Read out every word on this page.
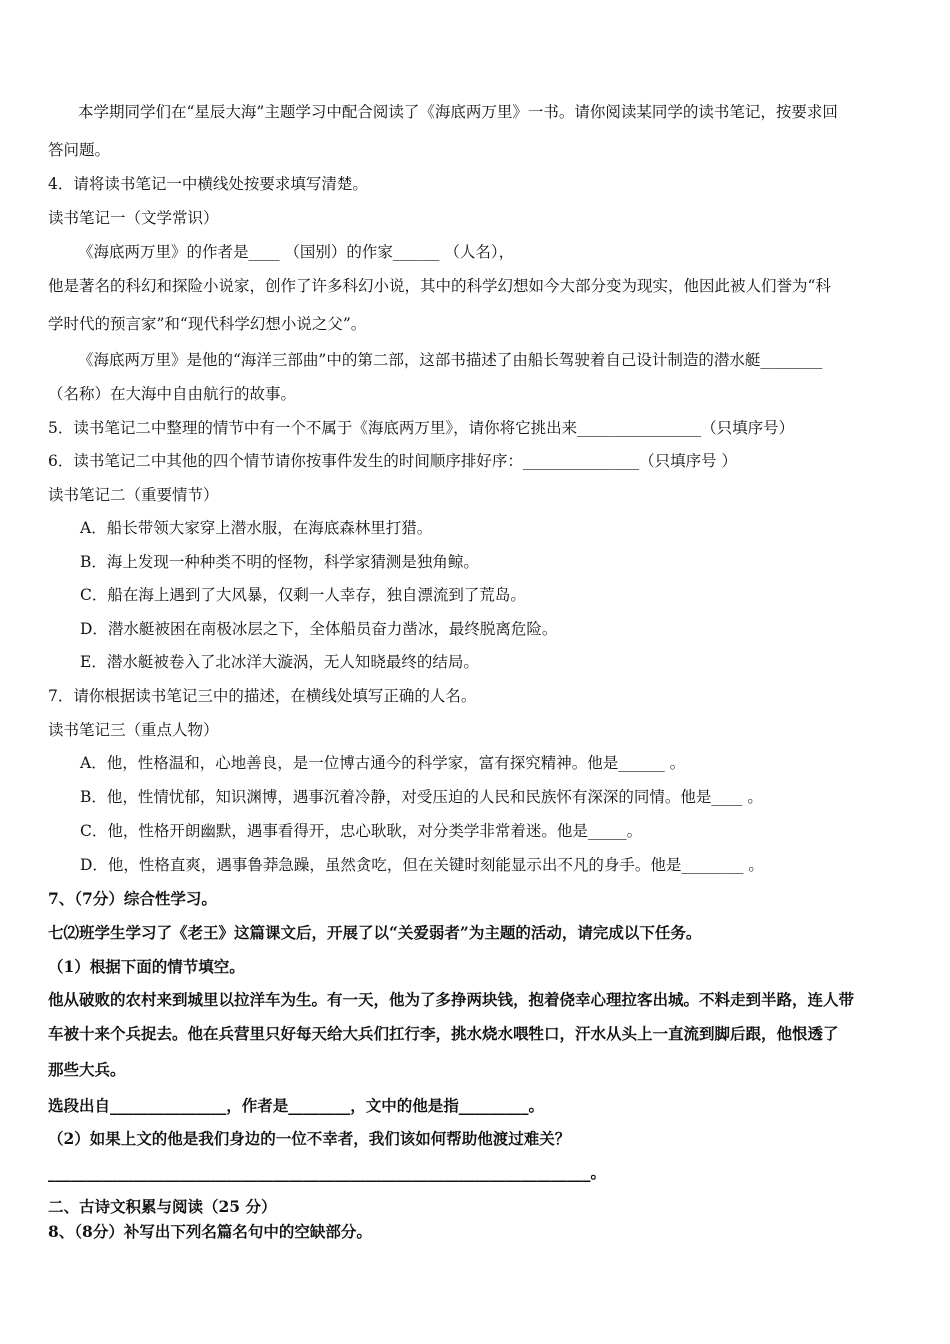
本学期同学们在“星辰大海”主题学习中配合阅读了《海底两万里》一书。请你阅读某同学的读书笔记，按要求回
答问题。
4．请将读书笔记一中横线处按要求填写清楚。
读书笔记一（文学常识）
《海底两万里》的作者是____ （国别）的作家______ （人名），
他是著名的科幻和探险小说家，创作了许多科幻小说，其中的科学幻想如今大部分变为现实，他因此被人们誉为“科
学时代的预言家”和“现代科学幻想小说之父”。
《海底两万里》是他的“海洋三部曲”中的第二部，这部书描述了由船长驾驶着自己设计制造的潜水艇________
（名称）在大海中自由航行的故事。
5．读书笔记二中整理的情节中有一个不属于《海底两万里》，请你将它挑出来________________（只填序号）
6．读书笔记二中其他的四个情节请你按事件发生的时间顺序排好序：_______________（只填序号 ）
读书笔记二（重要情节）
A．船长带领大家穿上潜水服，在海底森林里打猎。
B．海上发现一种种类不明的怪物，科学家猜测是独角鲸。
C．船在海上遇到了大风暴，仅剩一人幸存，独自漂流到了荒岛。
D．潜水艇被困在南极冰层之下，全体船员奋力凿冰，最终脱离危险。
E．潜水艇被卷入了北冰洋大漩涡，无人知晓最终的结局。
7．请你根据读书笔记三中的描述，在横线处填写正确的人名。
读书笔记三（重点人物）
A．他，性格温和，心地善良，是一位博古通今的科学家，富有探究精神。他是______ 。
B．他，性情忧郁，知识渊博，遇事沉着冷静，对受压迫的人民和民族怀有深深的同情。他是____ 。
C．他，性格开朗幽默，遇事看得开，忠心耿耿，对分类学非常着迷。他是_____。
D．他，性格直爽，遇事鲁莽急躁，虽然贪吃，但在关键时刻能显示出不凡的身手。他是________ 。
7、（7分）综合性学习。
七⑵班学生学习了《老王》这篇课文后，开展了以“关爱弱者”为主题的活动，请完成以下任务。
（1）根据下面的情节填空。
他从破败的农村来到城里以拉洋车为生。有一天，他为了多挣两块钱，抱着侥幸心理拉客出城。不料走到半路，连人带
车被十来个兵捉去。他在兵营里只好每天给大兵们扛行李，挑水烧水喂牲口，汗水从头上一直流到脚后跟，他恨透了
那些大兵。
选段出自_______________，作者是________，文中的他是指_________。
（2）如果上文的他是我们身边的一位不幸者，我们该如何帮助他渡过难关？
______________________________________________________________________。
二、古诗文积累与阅读（25 分）
8、（8分）补写出下列名篇名句中的空缺部分。
